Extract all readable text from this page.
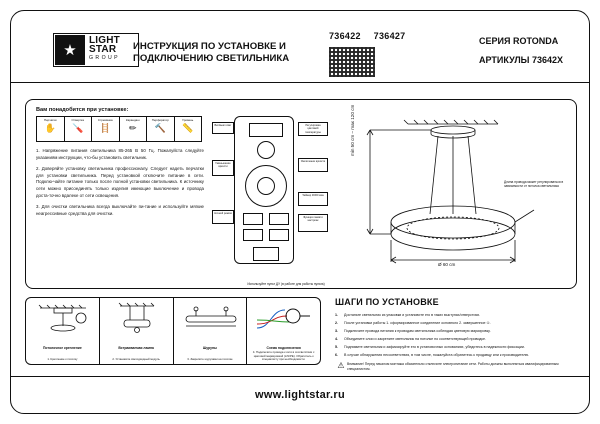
★
LIGHT
STAR
GROUP
ИНСТРУКЦИЯ ПО УСТАНОВКЕ И ПОДКЛЮЧЕНИЮ СВЕТИЛЬНИКА
736422 736427	СЕРИЯ ROTONDA
АРТИКУЛЫ 73642X
Вам понадобится при установке:
Перчатки
✋
Отвертка
🪛
Стремянка
🪜
Карандаш
✏
Перфоратор
🔨
Уровень
📏

1. Напряжение питания светильника 85-265 В 50 Гц. Пожалуйста следуйте указаниям инструкции, что-бы установить светильник.

2. Доверяйте установку светильника профессионалу. Следует надеть перчатки для установки светильника. Перед установкой отключите питание в сети. Подклю-чайте питание только после полной установки светильника. К источнику сети можно присоединять только изделия имеющие выключение и провода доста-точно вдалеке от сети освещения.

3. Для очистки светильника всегда выключайте пи-тание и используйте мягкие неагрессивные средства для очистки.

Вкл/выкл свет
Уменьшение яркости
Ночной режим
Регулировка цветовой температуры
Увеличение яркости
Таймер 30/60 мин
Функция памяти настроек
Используйте пульт ДУ (в работе для работы пульта)
min 50 cm – max 120 cm
Ø 60 cm
Длина провода может регулироваться в зависимости от потолка светильника
Потолочное крепление
1. Крепление к потолку
Встраиваемая лампа
2. Установите светодиодный модуль
Шурупы
3. Закрепите шурупами на потолке
Схема подключения
4. Подключите провода к сети в соответствии с цветовой маркировкой (L/N/PE). Обратитесь к специалисту при необходимости.
ШАГИ ПО УСТАНОВКЕ
1.	Достаньте светильник из упаковки и установите его в таких выступах/отверстиях.
2.	После установки работы 1. сформированное соединение основного 2. завершенное ①.
3.	Подключите провода питания к проводам светильника соблюдая цветовую маркировку.
4.	Объедините слои и закрепите светильник на потолке по соответствующей проводке.
5.	Поднимите светильник и зафиксируйте его в установочных основаниях, убедитесь в надежности фиксации.
6.	В случае обнаружения несоответствия, в том числе, пожалуйста обратитесь к продавцу или к производителю.
⚠ Внимание! Перед началом монтажа обязательно отключите электропитание сети. Работы должны выполняться квалифицированным специалистом.
www.lightstar.ru
